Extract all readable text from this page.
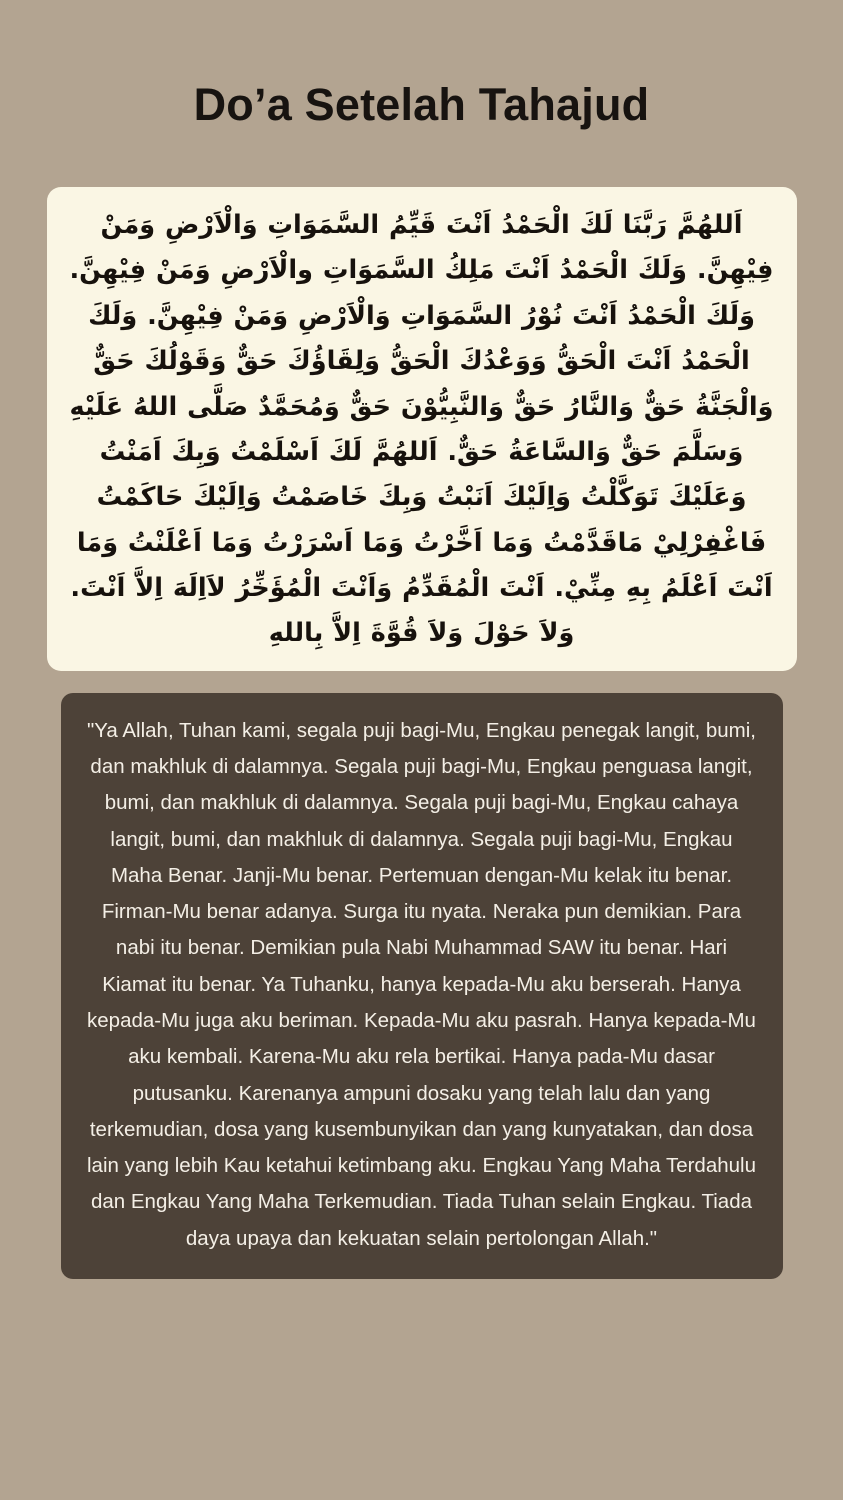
Do’a Setelah Tahajud
اَللهُمَّ رَبَّنَا لَكَ الْحَمْدُ اَنْتَ قَيِّمُ السَّمَوَاتِ وَالْاَرْضِ وَمَنْ فِيْهِنَّ. وَلَكَ الْحَمْدُ اَنْتَ مَلِكُ السَّمَوَاتِ والْاَرْضِ وَمَنْ فِيْهِنَّ. وَلَكَ الْحَمْدُ اَنْتَ نُوْرُ السَّمَوَاتِ وَالْاَرْضِ وَمَنْ فِيْهِنَّ. وَلَكَ الْحَمْدُ اَنْتَ الْحَقُّ وَوَعْدُكَ الْحَقُّ وَلِقَاؤُكَ حَقٌّ وَقَوْلُكَ حَقٌّ وَالْجَنَّةُ حَقٌّ وَالنَّارُ حَقٌّ وَالنَّبِيُّوْنَ حَقٌّ وَمُحَمَّدٌ صَلَّى اللهُ عَلَيْهِ وَسَلَّمَ حَقٌّ وَالسَّاعَةُ حَقٌّ. اَللهُمَّ لَكَ اَسْلَمْتُ وَبِكَ اَمَنْتُ وَعَلَيْكَ تَوَكَّلْتُ وَاِلَيْكَ اَنَبْتُ وَبِكَ خَاصَمْتُ وَاِلَيْكَ حَاكَمْتُ فَاغْفِرْلِيْ مَاقَدَّمْتُ وَمَا اَخَّرْتُ وَمَا اَسْرَرْتُ وَمَا اَعْلَنْتُ وَمَا اَنْتَ اَعْلَمُ بِهِ مِنِّيْ. اَنْتَ الْمُقَدِّمُ وَاَنْتَ الْمُؤَخِّرُ لاَاِلَهَ اِلاَّ اَنْتَ. وَلاَ حَوْلَ وَلاَ قُوَّةَ اِلاَّ بِاللهِ
"Ya Allah, Tuhan kami, segala puji bagi-Mu, Engkau penegak langit, bumi, dan makhluk di dalamnya. Segala puji bagi-Mu, Engkau penguasa langit, bumi, dan makhluk di dalamnya. Segala puji bagi-Mu, Engkau cahaya langit, bumi, dan makhluk di dalamnya. Segala puji bagi-Mu, Engkau Maha Benar. Janji-Mu benar. Pertemuan dengan-Mu kelak itu benar. Firman-Mu benar adanya. Surga itu nyata. Neraka pun demikian. Para nabi itu benar. Demikian pula Nabi Muhammad SAW itu benar. Hari Kiamat itu benar. Ya Tuhanku, hanya kepada-Mu aku berserah. Hanya kepada-Mu juga aku beriman. Kepada-Mu aku pasrah. Hanya kepada-Mu aku kembali. Karena-Mu aku rela bertikai. Hanya pada-Mu dasar putusanku. Karenanya ampuni dosaku yang telah lalu dan yang terkemudian, dosa yang kusembunyikan dan yang kunyatakan, dan dosa lain yang lebih Kau ketahui ketimbang aku. Engkau Yang Maha Terdahulu dan Engkau Yang Maha Terkemudian. Tiada Tuhan selain Engkau. Tiada daya upaya dan kekuatan selain pertolongan Allah."
